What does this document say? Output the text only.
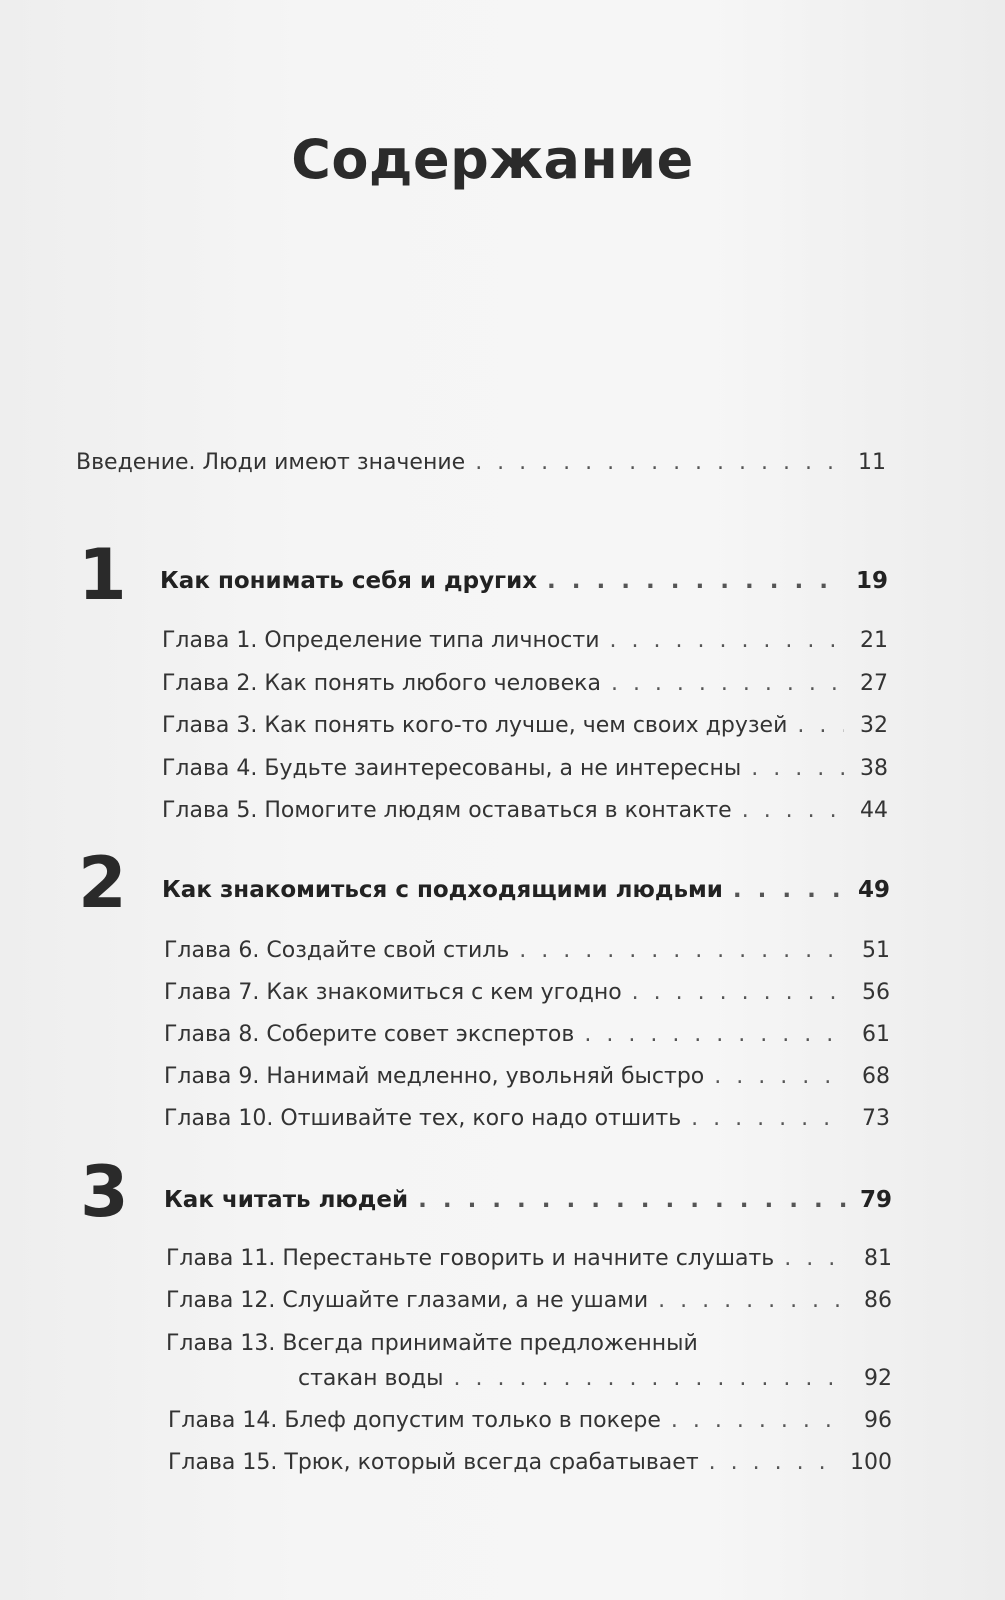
Содержание
Введение. Люди имеют значение . . .	11
1 Как понимать себя и других . . .	19
Глава 1. Определение типа личности . . .	21
Глава 2. Как понять любого человека . . .	27
Глава 3. Как понять кого-то лучше, чем своих друзей . . .	32
Глава 4. Будьте заинтересованы, а не интересны . . .	38
Глава 5. Помогите людям оставаться в контакте . . .	44
2 Как знакомиться с подходящими людьми . . .	49
Глава 6. Создайте свой стиль . . .	51
Глава 7. Как знакомиться с кем угодно . . .	56
Глава 8. Соберите совет экспертов . . .	61
Глава 9. Нанимай медленно, увольняй быстро . . .	68
Глава 10. Отшивайте тех, кого надо отшить . . .	73
3 Как читать людей . . .	79
Глава 11. Перестаньте говорить и начните слушать . . .	81
Глава 12. Слушайте глазами, а не ушами . . .	86
Глава 13. Всегда принимайте предложенный
стакан воды . . .	92
Глава 14. Блеф допустим только в покере . . .	96
Глава 15. Трюк, который всегда срабатывает . . .	100
